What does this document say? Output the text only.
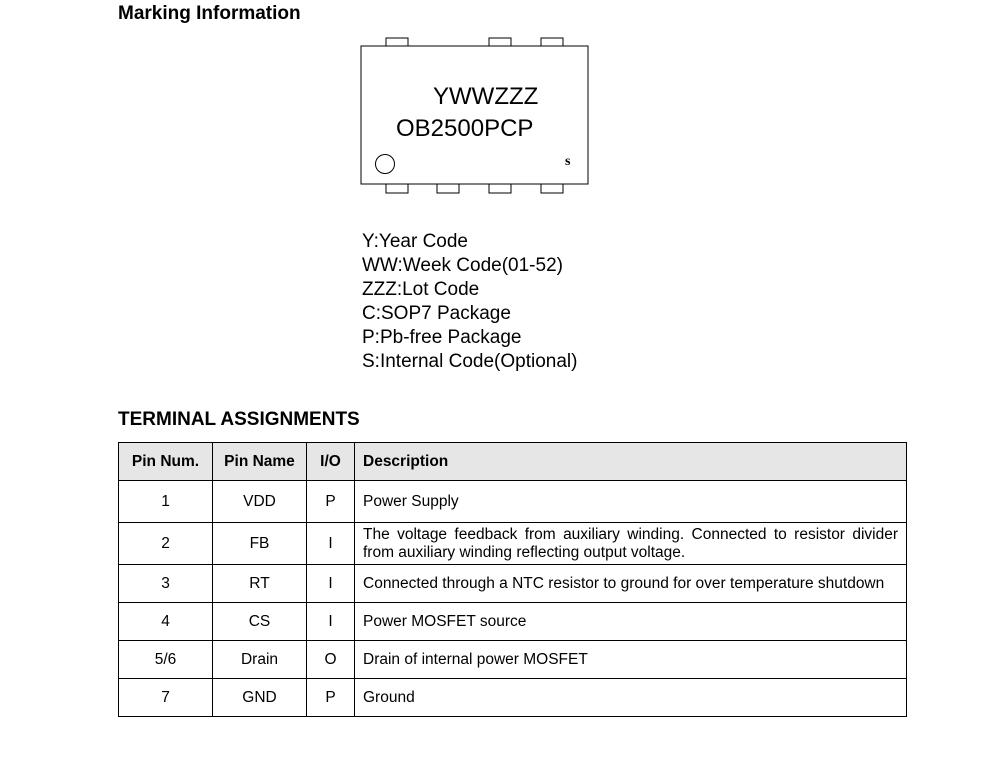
Marking Information
YWWZZZ
OB2500PCP
s
Y:Year Code
WW:Week Code(01-52)
ZZZ:Lot Code
C:SOP7 Package
P:Pb-free Package
S:Internal Code(Optional)
TERMINAL ASSIGNMENTS
Pin Num.	Pin Name	I/O	Description
1	VDD	P	Power Supply
2	FB	I	The voltage feedback from auxiliary winding. Connected to resistor divider from auxiliary winding reflecting output voltage.
3	RT	I	Connected through a NTC resistor to ground for over temperature shutdown
4	CS	I	Power MOSFET source
5/6	Drain	O	Drain of internal power MOSFET
7	GND	P	Ground
